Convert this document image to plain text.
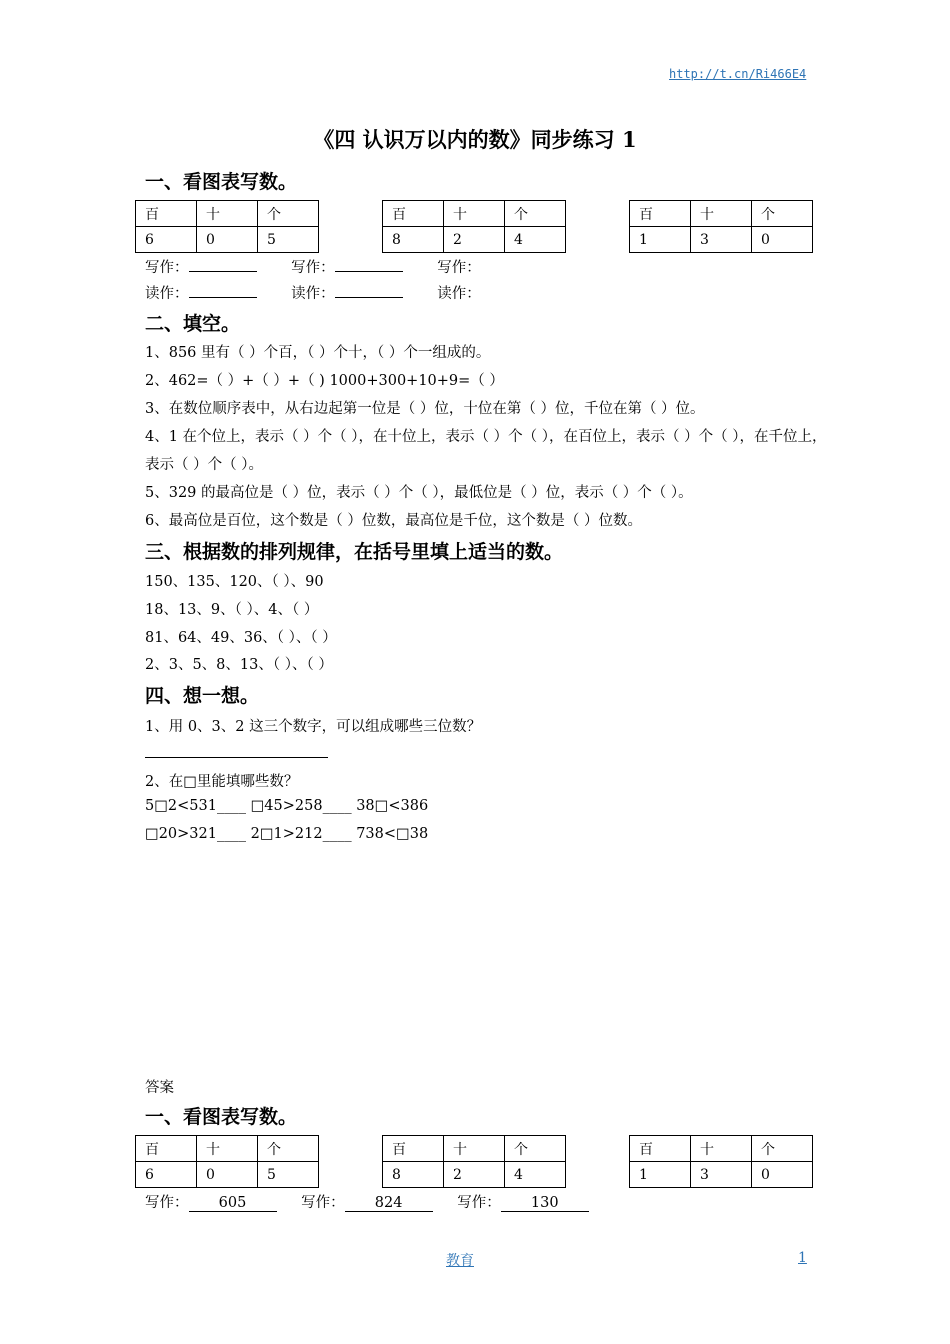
http://t.cn/Ri466E4
《四 认识万以内的数》同步练习 1
一、看图表写数。
百	十	个
6	0	5
百	十	个
8	2	4
百	十	个
1	3	0
写作：	写作：	写作：
读作：	读作：	读作：
二、填空。
1、856 里有（ ）个百，（ ）个十，（ ）个一组成的。
2、462=（ ）+（ ）+（ ) 1000+300+10+9=（ ）
3、在数位顺序表中，从右边起第一位是（ ）位，十位在第（ ）位，千位在第（ ）位。
4、1 在个位上，表示（ ）个（ ），在十位上，表示（ ）个（ ），在百位上，表示（ ）个（ ），在千位上，
表示（ ）个（ ）。
5、329 的最高位是（ ）位，表示（ ）个（ ），最低位是（ ）位，表示（ ）个（ ）。
6、最高位是百位，这个数是（ ）位数，最高位是千位，这个数是（ ）位数。
三、根据数的排列规律，在括号里填上适当的数。
150、135、120、（ ）、90
18、13、9、（ ）、4、（ ）
81、64、49、36、（ ）、（ ）
2、3、5、8、13、（ ）、（ ）
四、想一想。
1、用 0、3、2 这三个数字，可以组成哪些三位数？
2、在□里能填哪些数？
5□2<531____ □45>258____ 38□<386
□20>321____ 2□1>212____ 738<□38
答案
一、看图表写数。
百	十	个
6	0	5
百	十	个
8	2	4
百	十	个
1	3	0
写作： 605	写作： 824	写作： 130
教育	1
